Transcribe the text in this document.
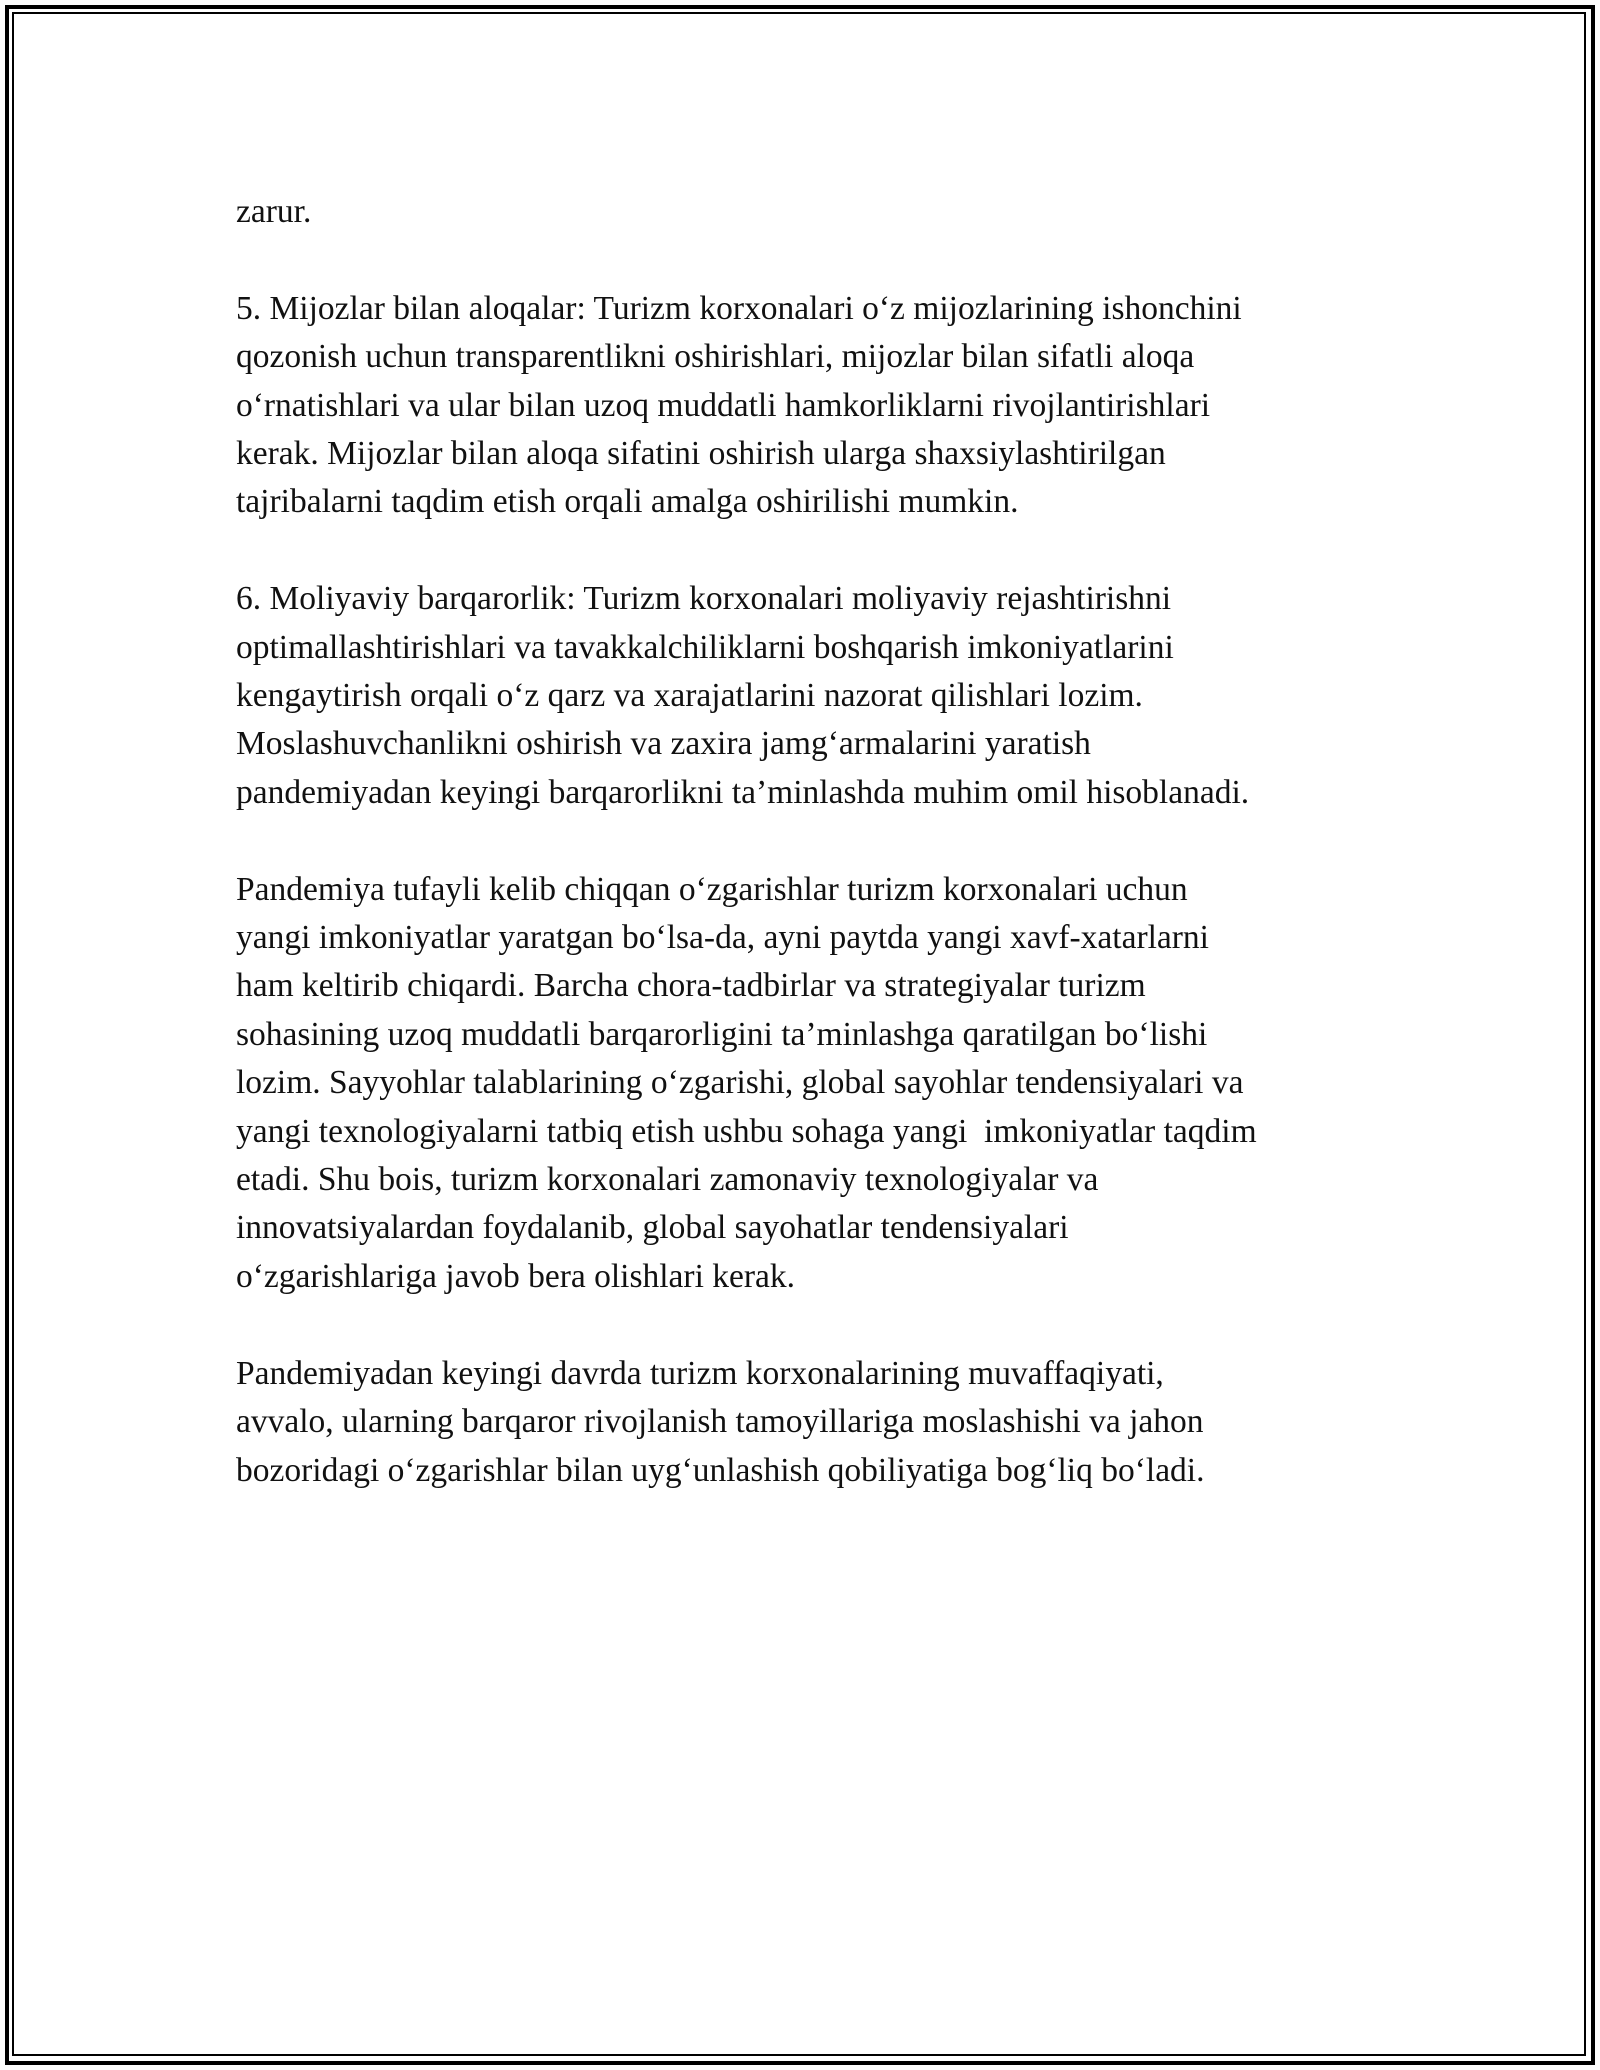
zarur.

5. Mijozlar bilan aloqalar: Turizm korxonalari o‘z mijozlarining ishonchini
qozonish uchun transparentlikni oshirishlari, mijozlar bilan sifatli aloqa
o‘rnatishlari va ular bilan uzoq muddatli hamkorliklarni rivojlantirishlari
kerak. Mijozlar bilan aloqa sifatini oshirish ularga shaxsiylashtirilgan
tajribalarni taqdim etish orqali amalga oshirilishi mumkin.

6. Moliyaviy barqarorlik: Turizm korxonalari moliyaviy rejashtirishni
optimallashtirishlari va tavakkalchiliklarni boshqarish imkoniyatlarini
kengaytirish orqali o‘z qarz va xarajatlarini nazorat qilishlari lozim.
Moslashuvchanlikni oshirish va zaxira jamg‘armalarini yaratish
pandemiyadan keyingi barqarorlikni ta’minlashda muhim omil hisoblanadi.

Pandemiya tufayli kelib chiqqan o‘zgarishlar turizm korxonalari uchun
yangi imkoniyatlar yaratgan bo‘lsa-da, ayni paytda yangi xavf-xatarlarni
ham keltirib chiqardi. Barcha chora-tadbirlar va strategiyalar turizm
sohasining uzoq muddatli barqarorligini ta’minlashga qaratilgan bo‘lishi
lozim. Sayyohlar talablarining o‘zgarishi, global sayohlar tendensiyalari va
yangi texnologiyalarni tatbiq etish ushbu sohaga yangi  imkoniyatlar taqdim
etadi. Shu bois, turizm korxonalari zamonaviy texnologiyalar va
innovatsiyalardan foydalanib, global sayohatlar tendensiyalari
o‘zgarishlariga javob bera olishlari kerak.

Pandemiyadan keyingi davrda turizm korxonalarining muvaffaqiyati,
avvalo, ularning barqaror rivojlanish tamoyillariga moslashishi va jahon
bozoridagi o‘zgarishlar bilan uyg‘unlashish qobiliyatiga bog‘liq bo‘ladi.
